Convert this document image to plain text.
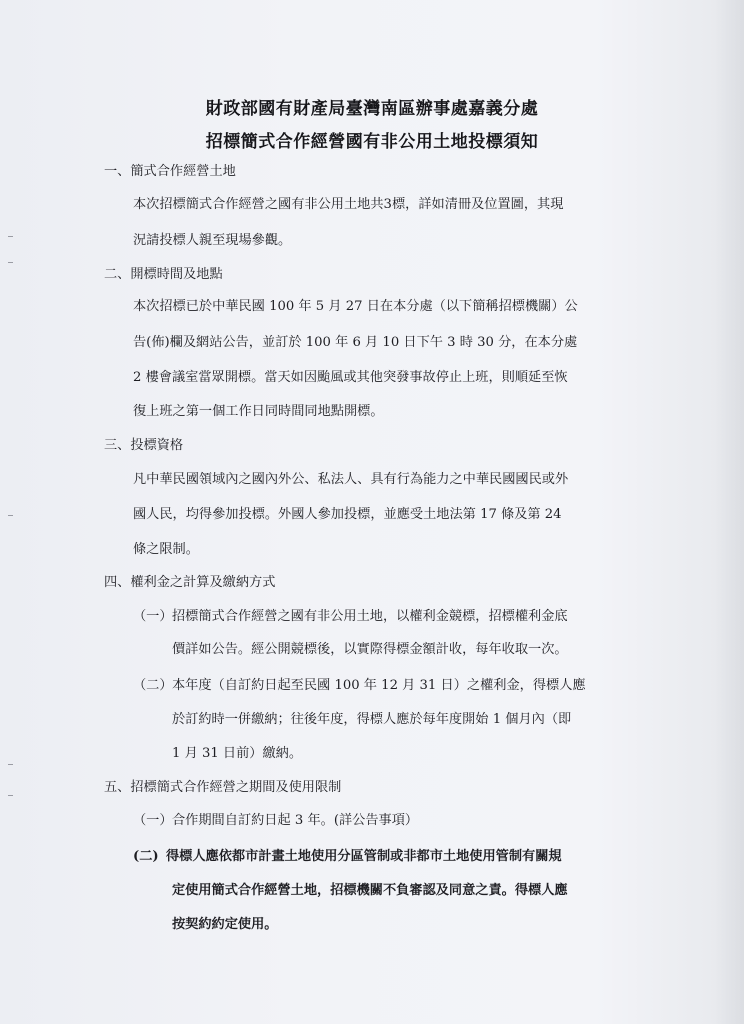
財政部國有財產局臺灣南區辦事處嘉義分處
招標簡式合作經營國有非公用土地投標須知
一、簡式合作經營土地
本次招標簡式合作經營之國有非公用土地共3標，詳如清冊及位置圖，其現
況請投標人親至現場參觀。
二、開標時間及地點
本次招標已於中華民國 100 年 5 月 27 日在本分處（以下簡稱招標機關）公
告(佈)欄及網站公告，並訂於 100 年 6 月 10 日下午 3 時 30 分，在本分處
2 樓會議室當眾開標。當天如因颱風或其他突發事故停止上班，則順延至恢
復上班之第一個工作日同時間同地點開標。
三、投標資格
凡中華民國領域內之國內外公、私法人、具有行為能力之中華民國國民或外
國人民，均得參加投標。外國人參加投標，並應受土地法第 17 條及第 24
條之限制。
四、權利金之計算及繳納方式
（一） 招標簡式合作經營之國有非公用土地，以權利金競標，招標權利金底
價詳如公告。經公開競標後，以實際得標金額計收，每年收取一次。
（二） 本年度（自訂約日起至民國 100 年 12 月 31 日）之權利金，得標人應
於訂約時一併繳納；往後年度，得標人應於每年度開始 1 個月內（即
1 月 31 日前）繳納。
五、招標簡式合作經營之期間及使用限制
（一） 合作期間自訂約日起 3 年。(詳公告事項）
(二) 得標人應依都市計畫土地使用分區管制或非都市土地使用管制有關規
定使用簡式合作經營土地，招標機關不負審認及同意之責。得標人應
按契約約定使用。
